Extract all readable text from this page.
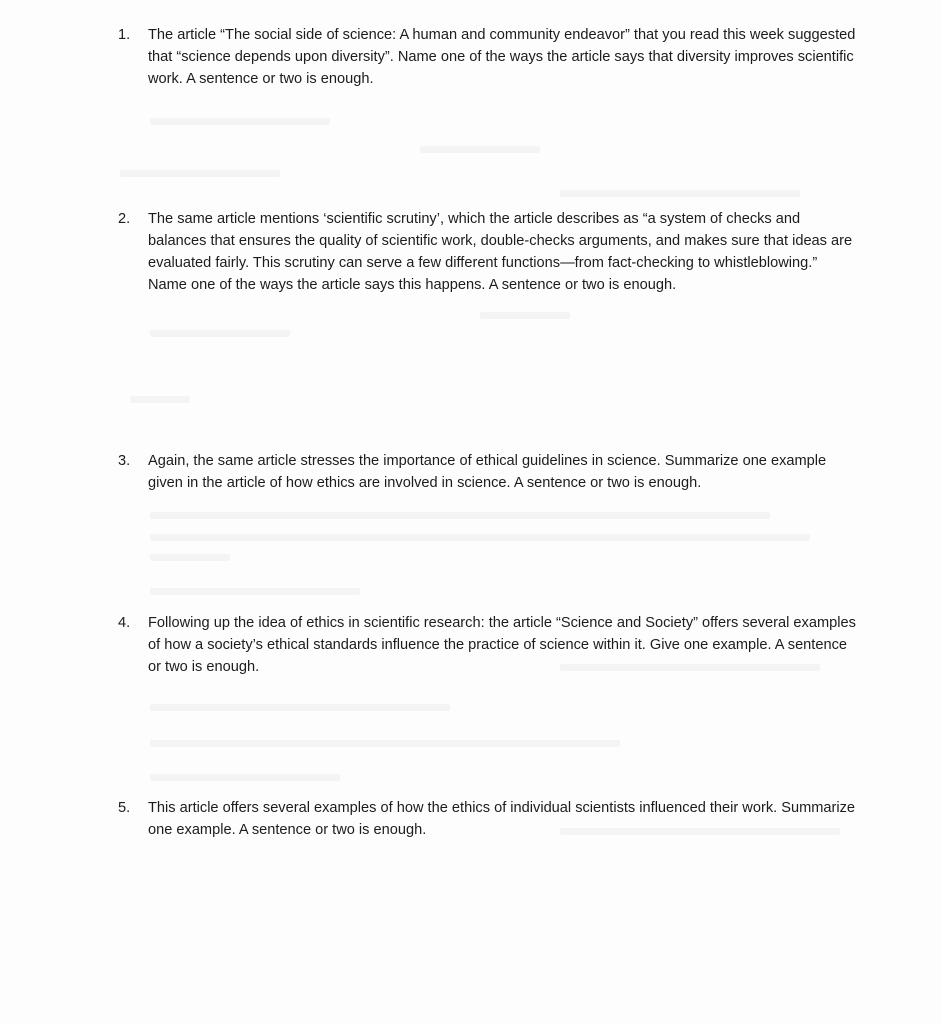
1.	The article “The social side of science: A human and community endeavor” that you read this week suggested that “science depends upon diversity”. Name one of the ways the article says that diversity improves scientific work. A sentence or two is enough.
2.	The same article mentions ‘scientific scrutiny’, which the article describes as “a system of checks and balances that ensures the quality of scientific work, double-checks arguments, and makes sure that ideas are evaluated fairly. This scrutiny can serve a few different functions—from fact-checking to whistleblowing.” Name one of the ways the article says this happens. A sentence or two is enough.
3.	Again, the same article stresses the importance of ethical guidelines in science. Summarize one example given in the article of how ethics are involved in science. A sentence or two is enough.
4.	Following up the idea of ethics in scientific research: the article “Science and Society” offers several examples of how a society’s ethical standards influence the practice of science within it. Give one example. A sentence or two is enough.
5.	This article offers several examples of how the ethics of individual scientists influenced their work. Summarize one example. A sentence or two is enough.
